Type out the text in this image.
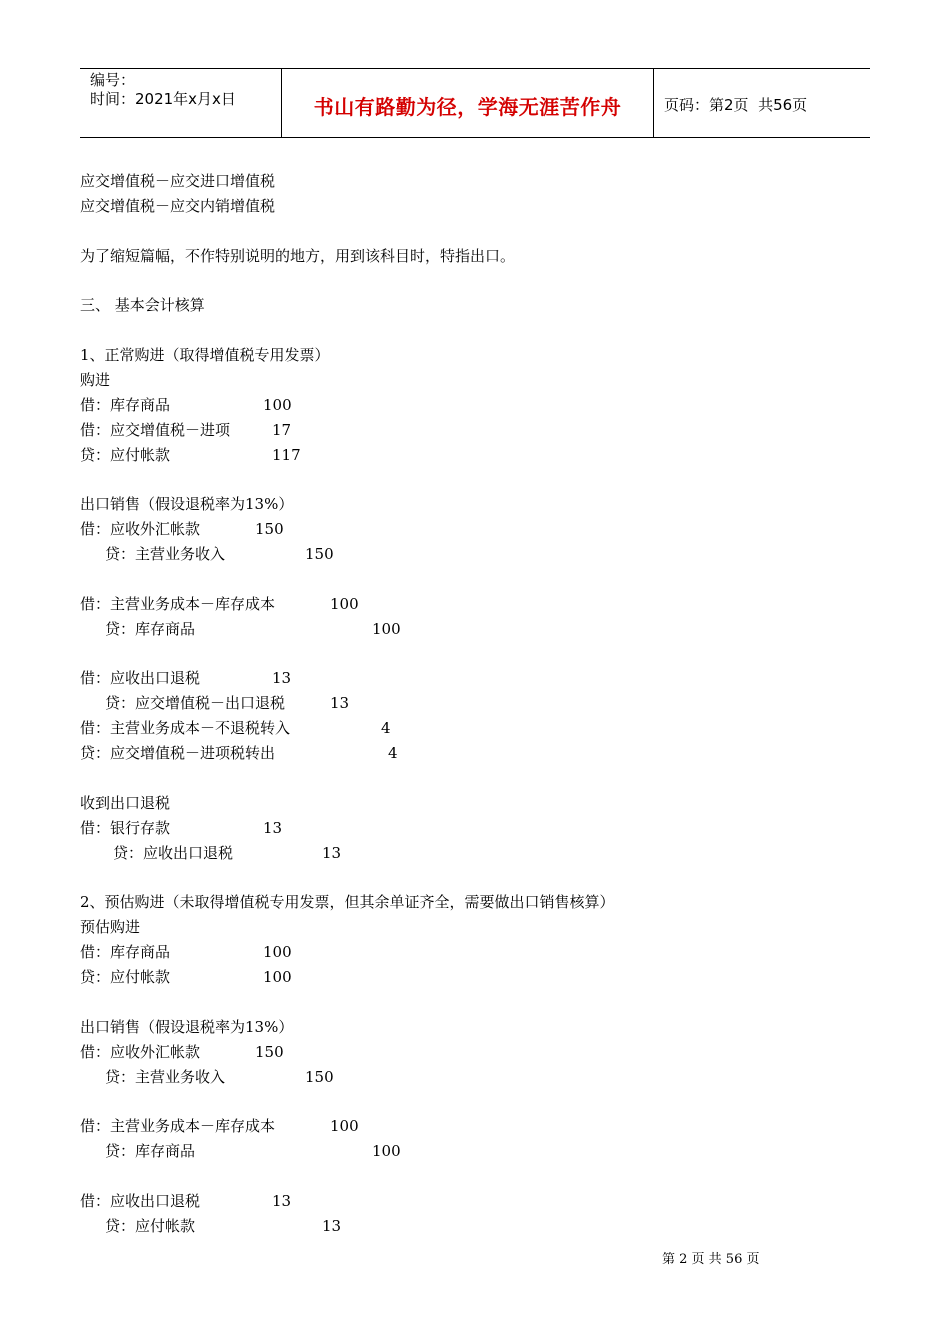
编号：
时间：2021年x月x日	书山有路勤为径，学海无涯苦作舟	页码：第2页  共56页
应交增值税－应交进口增值税
应交增值税－应交内销增值税
为了缩短篇幅，不作特别说明的地方，用到该科目时，特指出口。
三、 基本会计核算
1、正常购进（取得增值税专用发票）
购进
借：库存商品	100
借：应交增值税－进项	17
贷：应付帐款	117
出口销售（假设退税率为13%）
借：应收外汇帐款	150
贷：主营业务收入	150
借：主营业务成本－库存成本	100
贷：库存商品	100
借：应收出口退税	13
贷：应交增值税－出口退税	13
借：主营业务成本－不退税转入	4
贷：应交增值税－进项税转出	4
收到出口退税
借：银行存款	13
贷：应收出口退税	13
2、预估购进（未取得增值税专用发票，但其余单证齐全，需要做出口销售核算）
预估购进
借：库存商品	100
贷：应付帐款	100
出口销售（假设退税率为13%）
借：应收外汇帐款	150
贷：主营业务收入	150
借：主营业务成本－库存成本	100
贷：库存商品	100
借：应收出口退税	13
贷：应付帐款	13
第 2 页 共 56 页
